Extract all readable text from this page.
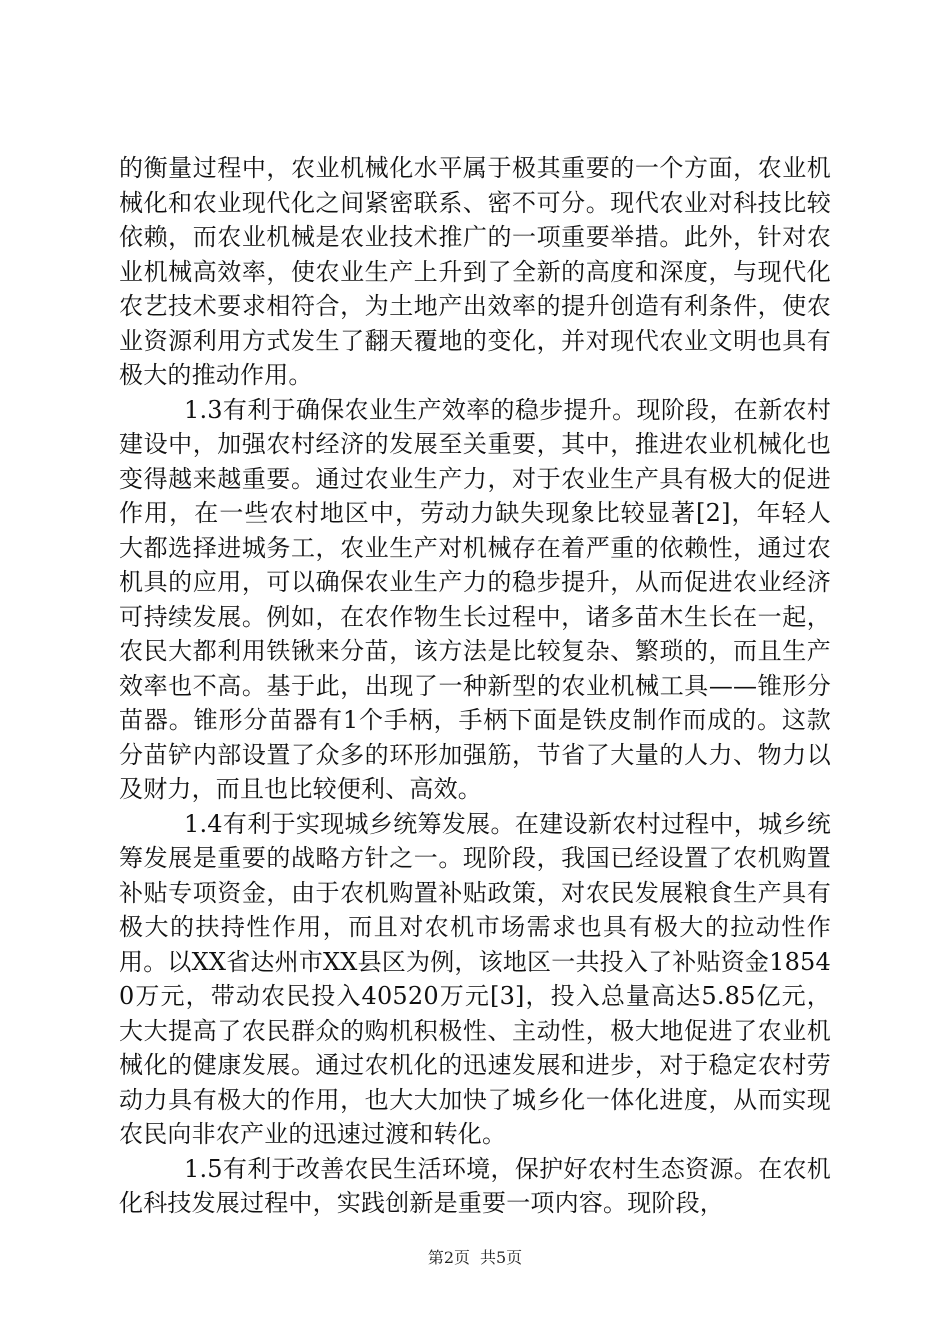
的衡量过程中，农业机械化水平属于极其重要的一个方面，农业机械化和农业现代化之间紧密联系、密不可分。现代农业对科技比较依赖，而农业机械是农业技术推广的一项重要举措。此外，针对农业机械高效率，使农业生产上升到了全新的高度和深度，与现代化农艺技术要求相符合，为土地产出效率的提升创造有利条件，使农业资源利用方式发生了翻天覆地的变化，并对现代农业文明也具有极大的推动作用。

1.3有利于确保农业生产效率的稳步提升。现阶段，在新农村建设中，加强农村经济的发展至关重要，其中，推进农业机械化也变得越来越重要。通过农业生产力，对于农业生产具有极大的促进作用，在一些农村地区中，劳动力缺失现象比较显著[2]，年轻人大都选择进城务工，农业生产对机械存在着严重的依赖性，通过农机具的应用，可以确保农业生产力的稳步提升，从而促进农业经济可持续发展。例如，在农作物生长过程中，诸多苗木生长在一起，农民大都利用铁锹来分苗，该方法是比较复杂、繁琐的，而且生产效率也不高。基于此，出现了一种新型的农业机械工具——锥形分苗器。锥形分苗器有1个手柄，手柄下面是铁皮制作而成的。这款分苗铲内部设置了众多的环形加强筋，节省了大量的人力、物力以及财力，而且也比较便利、高效。

1.4有利于实现城乡统筹发展。在建设新农村过程中，城乡统筹发展是重要的战略方针之一。现阶段，我国已经设置了农机购置补贴专项资金，由于农机购置补贴政策，对农民发展粮食生产具有极大的扶持性作用，而且对农机市场需求也具有极大的拉动性作用。以XX省达州市XX县区为例，该地区一共投入了补贴资金18540万元，带动农民投入40520万元[3]，投入总量高达5.85亿元，大大提高了农民群众的购机积极性、主动性，极大地促进了农业机械化的健康发展。通过农机化的迅速发展和进步，对于稳定农村劳动力具有极大的作用，也大大加快了城乡化一体化进度，从而实现农民向非农产业的迅速过渡和转化。

1.5有利于改善农民生活环境，保护好农村生态资源。在农机化科技发展过程中，实践创新是重要一项内容。现阶段，

第2页 共5页
